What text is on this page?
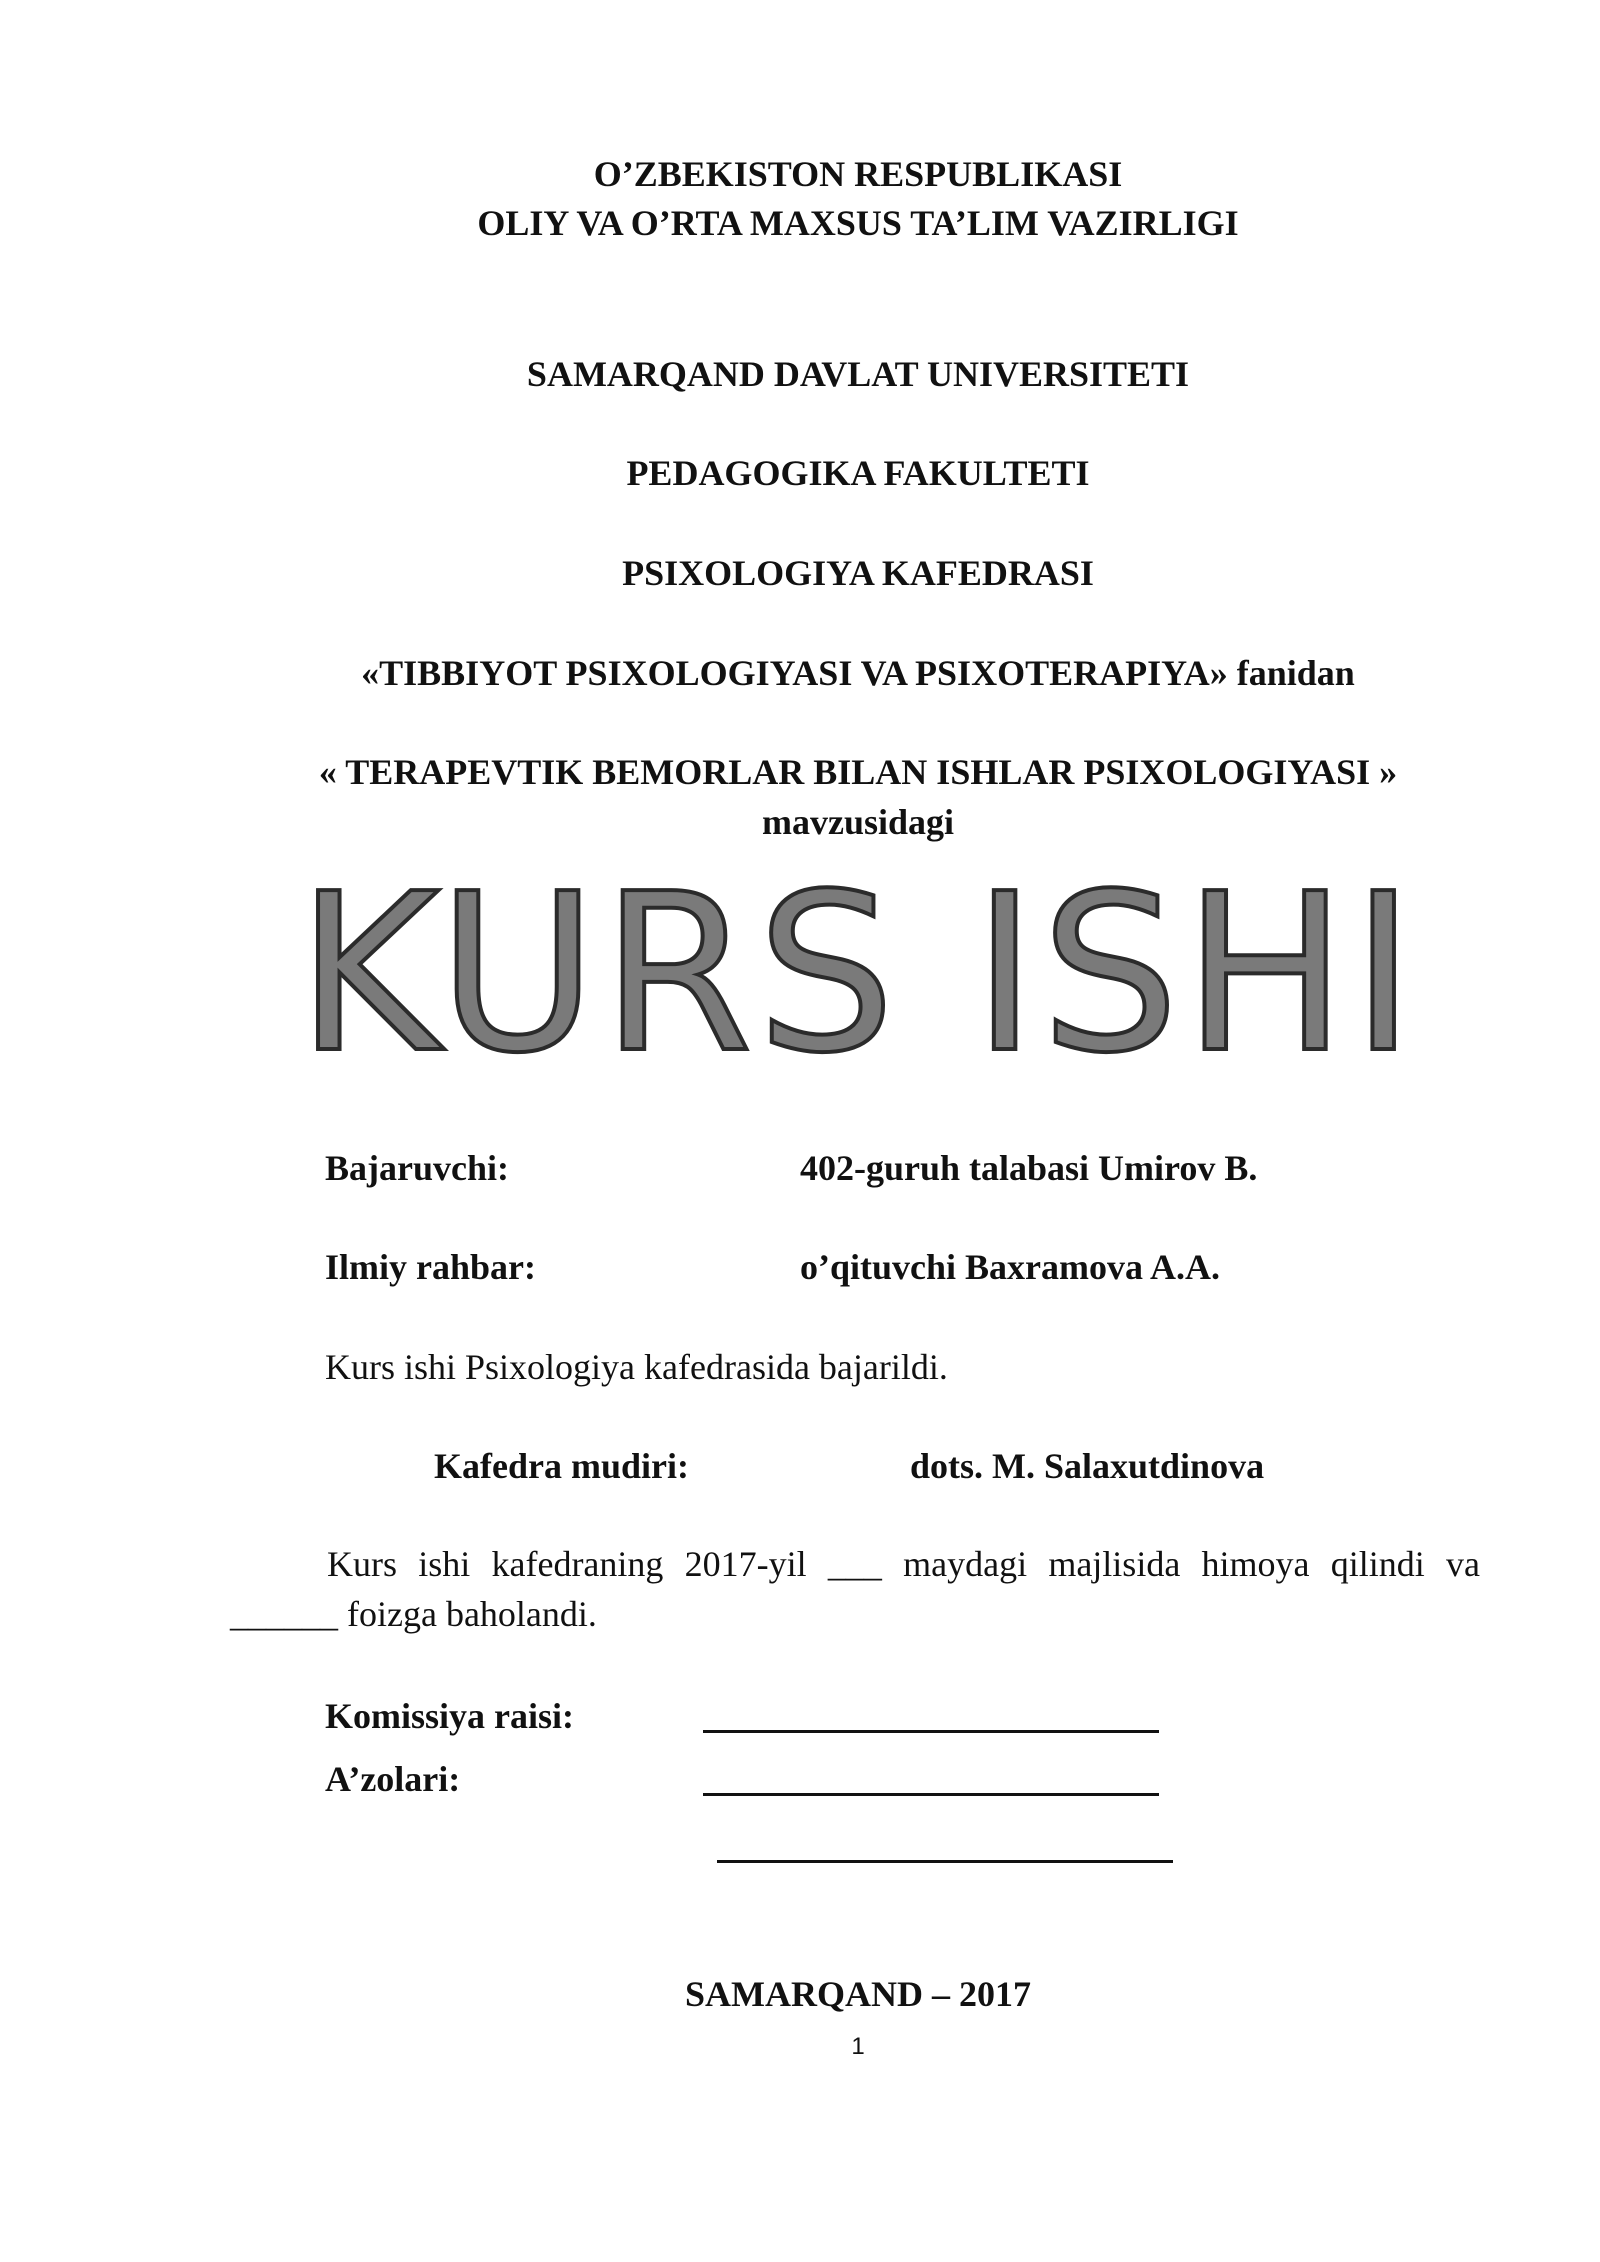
O’ZBEKISTON RESPUBLIKASI
OLIY VA O’RTA MAXSUS TA’LIM VAZIRLIGI
SAMARQAND DAVLAT UNIVERSITETI
PEDAGOGIKA FAKULTETI
PSIXOLOGIYA KAFEDRASI
«TIBBIYOT PSIXOLOGIYASI VA PSIXOTERAPIYA» fanidan
« TERAPEVTIK BEMORLAR BILAN ISHLAR PSIXOLOGIYASI »
mavzusidagi
KURS ISHI
Bajaruvchi:	402-guruh talabasi Umirov B.
Ilmiy rahbar:	o’qituvchi Baxramova A.A.
Kurs ishi Psixologiya kafedrasida bajarildi.
Kafedra mudiri:	dots. M. Salaxutdinova
Kurs ishi kafedraning 2017-yil ___ maydagi majlisida himoya qilindi va ______ foizga baholandi.
Komissiya raisi:
A’zolari:
SAMARQAND – 2017
1
